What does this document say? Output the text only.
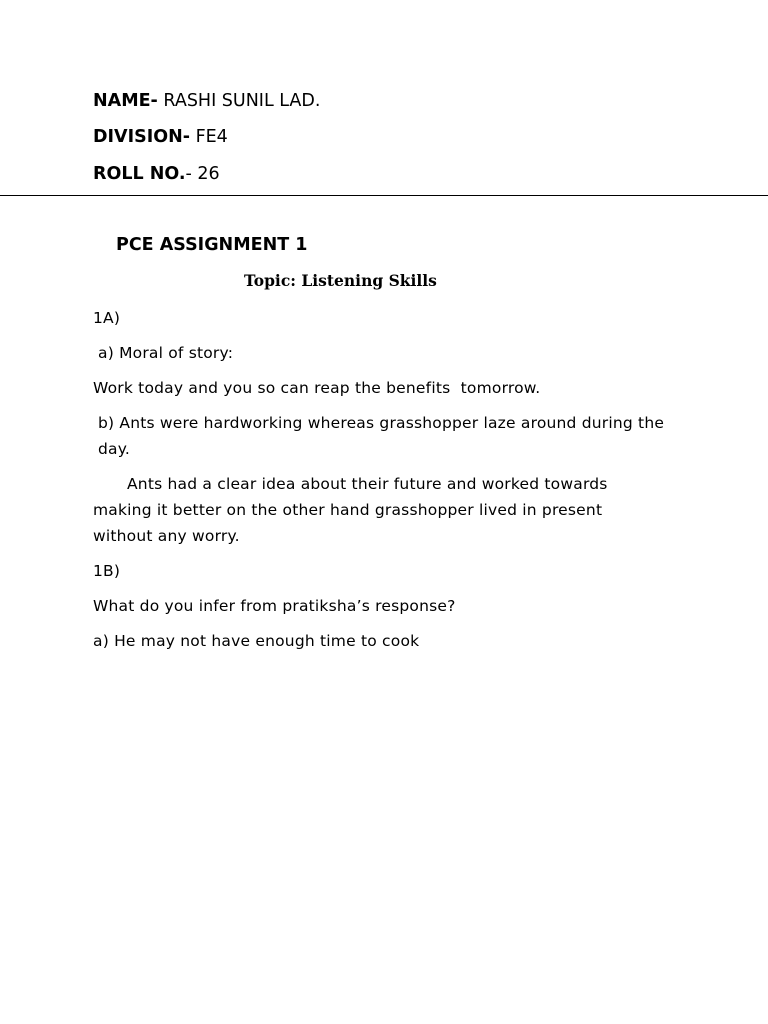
NAME- RASHI SUNIL LAD.
DIVISION- FE4
ROLL NO.- 26
PCE ASSIGNMENT 1
Topic: Listening Skills
1A)
a) Moral of story:
Work today and you so can reap the benefits  tomorrow.
b) Ants were hardworking whereas grasshopper laze around during the day.
Ants had a clear idea about their future and worked towards making it better on the other hand grasshopper lived in present without any worry.
1B)
What do you infer from pratiksha’s response?
a) He may not have enough time to cook
